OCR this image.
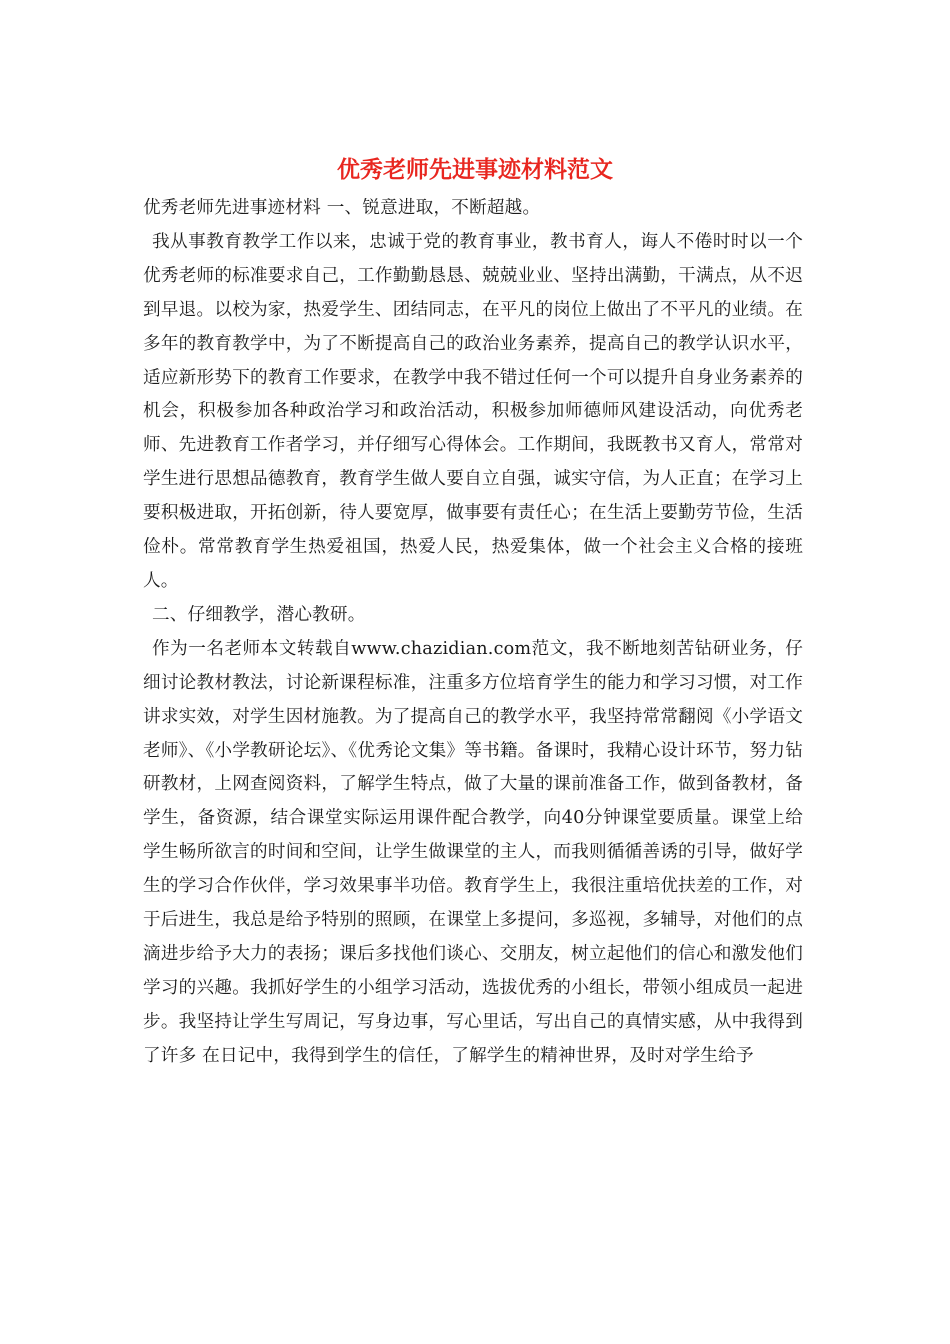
优秀老师先进事迹材料范文

优秀老师先进事迹材料 一、锐意进取，不断超越。

我从事教育教学工作以来，忠诚于党的教育事业，教书育人，诲人不倦时时以一个优秀老师的标准要求自己，工作勤勤恳恳、兢兢业业、坚持出满勤，干满点，从不迟到早退。以校为家，热爱学生、团结同志，在平凡的岗位上做出了不平凡的业绩。在多年的教育教学中，为了不断提高自己的政治业务素养，提高自己的教学认识水平，适应新形势下的教育工作要求，在教学中我不错过任何一个可以提升自身业务素养的机会，积极参加各种政治学习和政治活动，积极参加师德师风建设活动，向优秀老师、先进教育工作者学习，并仔细写心得体会。工作期间，我既教书又育人，常常对学生进行思想品德教育，教育学生做人要自立自强，诚实守信，为人正直；在学习上要积极进取，开拓创新，待人要宽厚，做事要有责任心；在生活上要勤劳节俭，生活俭朴。常常教育学生热爱祖国，热爱人民，热爱集体，做一个社会主义合格的接班人。

二、仔细教学，潜心教研。

作为一名老师本文转载自www.chazidian.com范文，我不断地刻苦钻研业务，仔细讨论教材教法，讨论新课程标准，注重多方位培育学生的能力和学习习惯，对工作讲求实效，对学生因材施教。为了提高自己的教学水平，我坚持常常翻阅《小学语文老师》、《小学教研论坛》、《优秀论文集》等书籍。备课时，我精心设计环节，努力钻研教材，上网查阅资料，了解学生特点，做了大量的课前准备工作，做到备教材，备学生，备资源，结合课堂实际运用课件配合教学，向40分钟课堂要质量。课堂上给学生畅所欲言的时间和空间，让学生做课堂的主人，而我则循循善诱的引导，做好学生的学习合作伙伴，学习效果事半功倍。教育学生上，我很注重培优扶差的工作，对于后进生，我总是给予特别的照顾，在课堂上多提问，多巡视，多辅导，对他们的点滴进步给予大力的表扬；课后多找他们谈心、交朋友，树立起他们的信心和激发他们学习的兴趣。我抓好学生的小组学习活动，选拔优秀的小组长，带领小组成员一起进步。我坚持让学生写周记，写身边事，写心里话，写出自己的真情实感，从中我得到了许多 在日记中，我得到学生的信任，了解学生的精神世界，及时对学生给予
